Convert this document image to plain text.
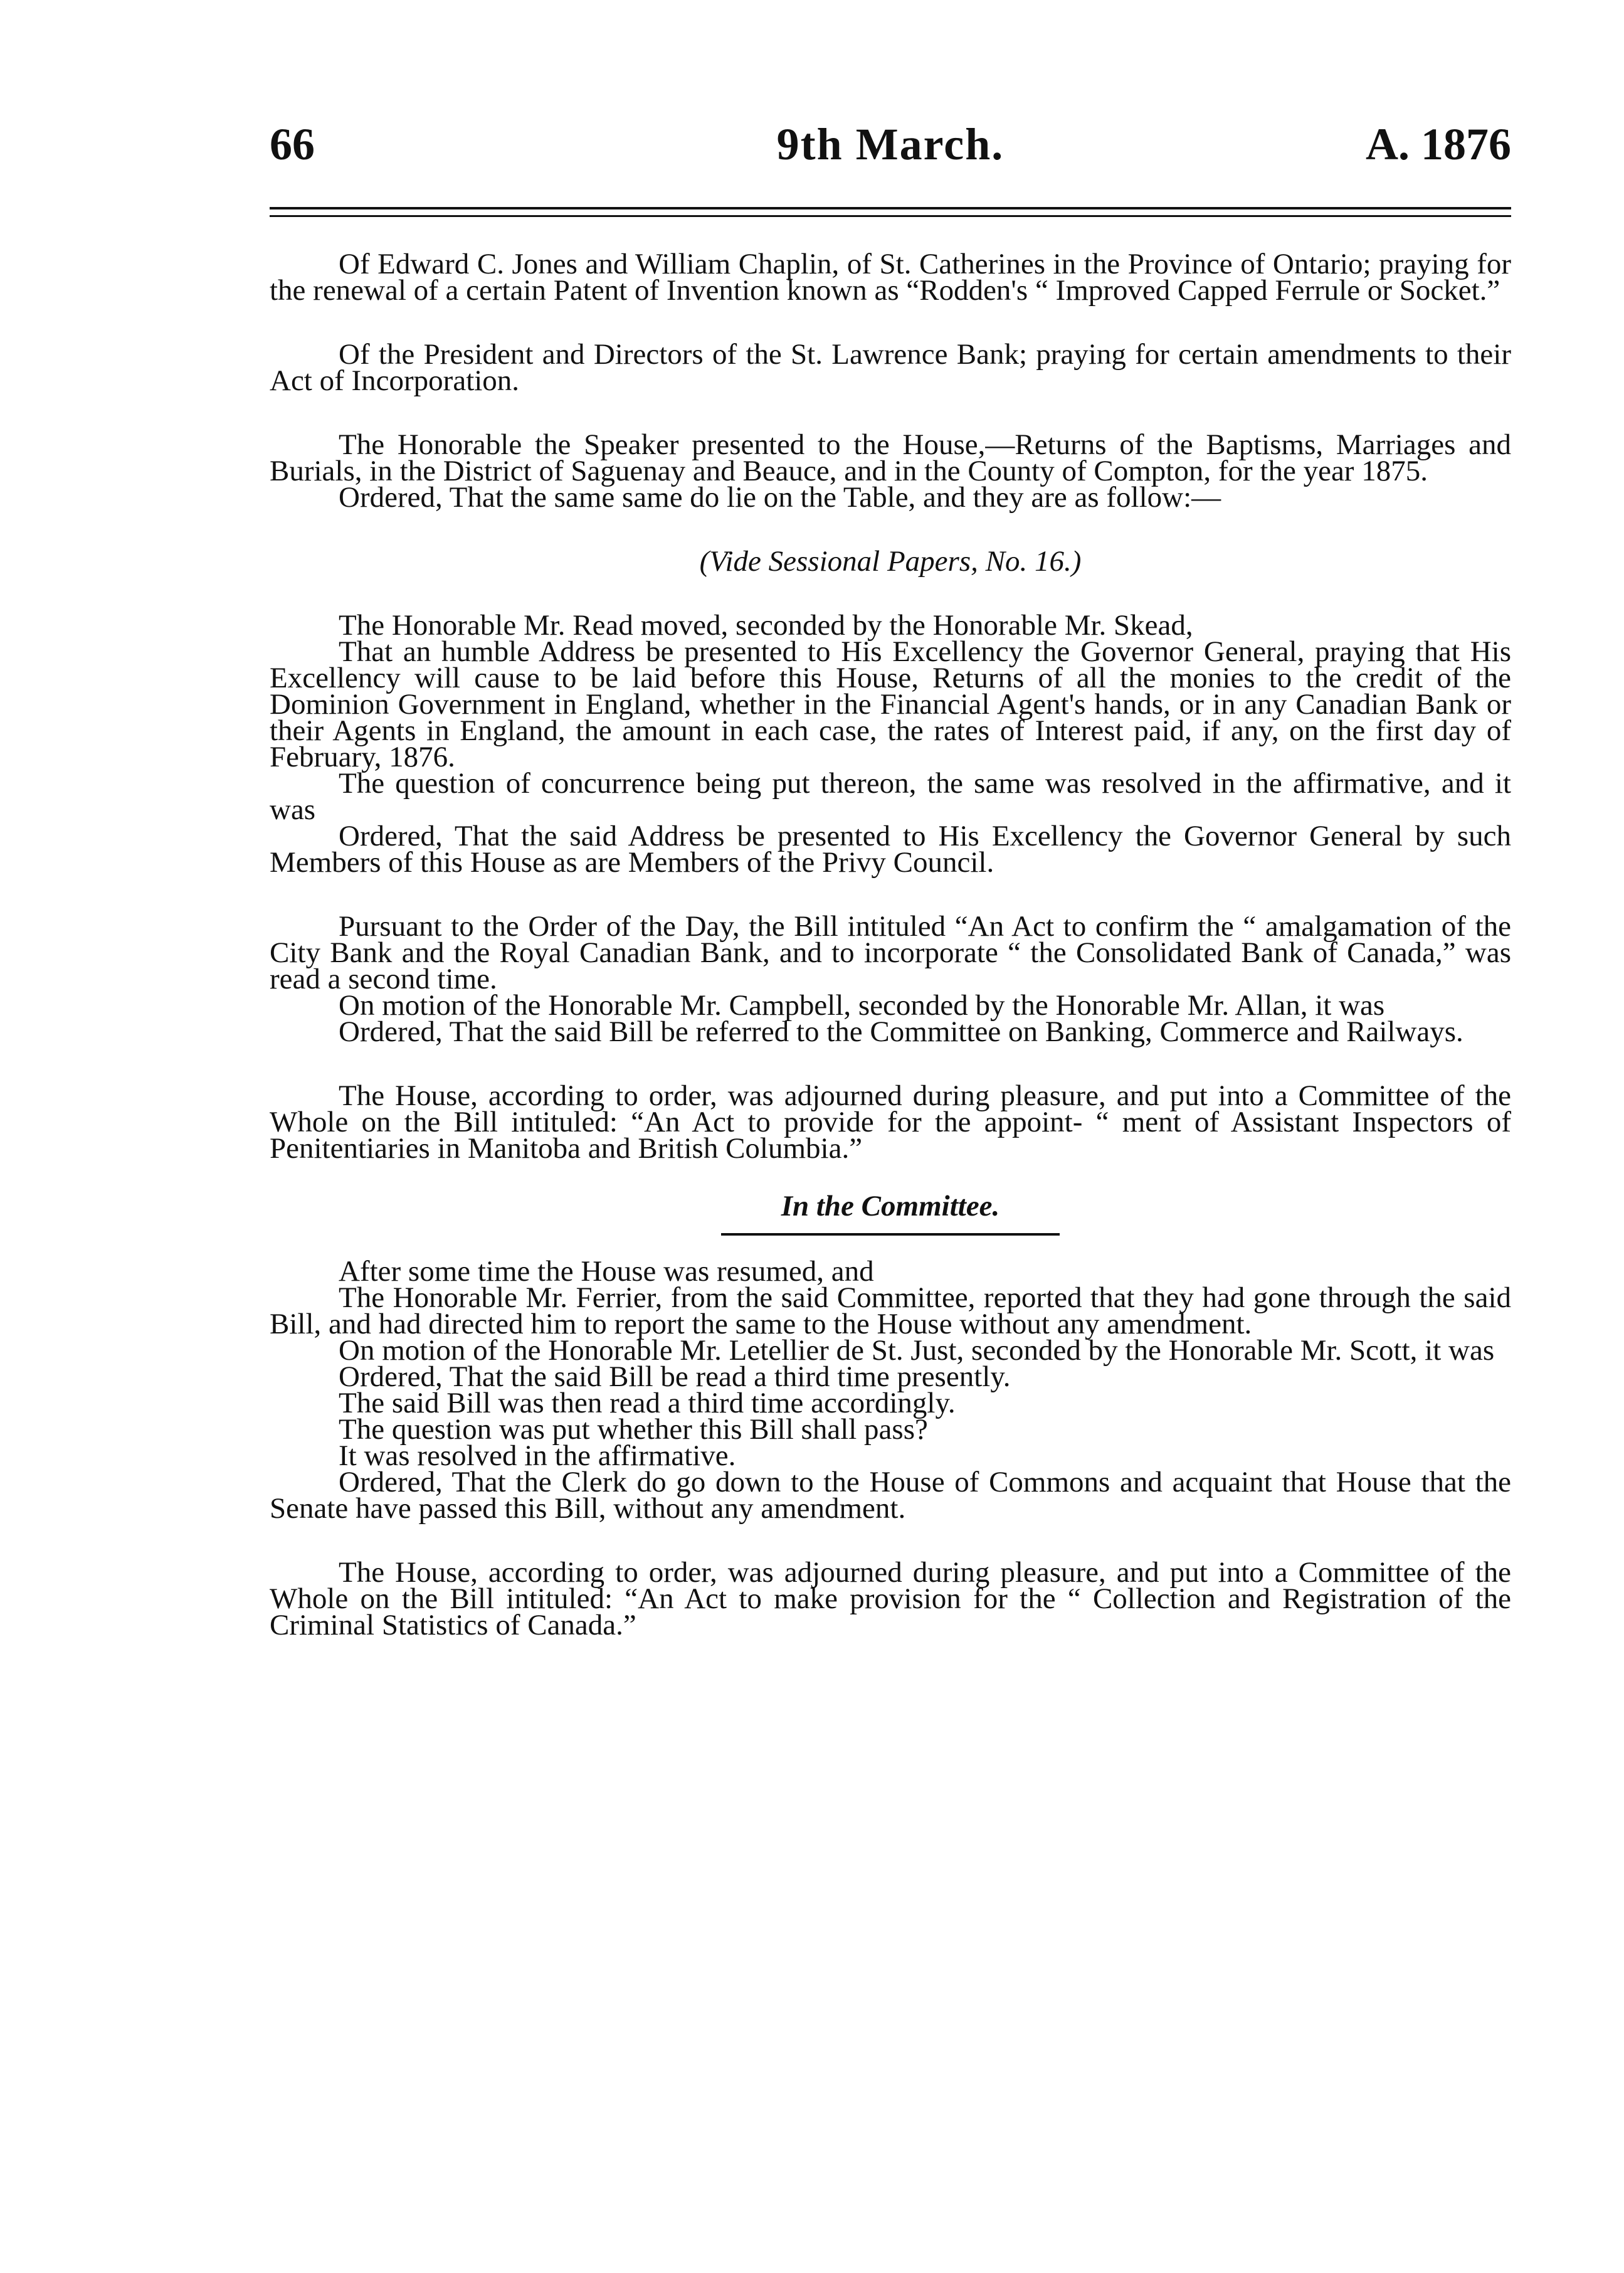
9th March.
66	A. 1876

Of Edward C. Jones and William Chaplin, of St. Catherines in the Province of Ontario; praying for the renewal of a certain Patent of Invention known as “Rodden's “ Improved Capped Ferrule or Socket.”

Of the President and Directors of the St. Lawrence Bank; praying for certain amendments to their Act of Incorporation.

The Honorable the Speaker presented to the House,—Returns of the Baptisms, Marriages and Burials, in the District of Saguenay and Beauce, and in the County of Compton, for the year 1875.

Ordered, That the same same do lie on the Table, and they are as follow:—

(Vide Sessional Papers, No. 16.)

The Honorable Mr. Read moved, seconded by the Honorable Mr. Skead,

That an humble Address be presented to His Excellency the Governor General, praying that His Excellency will cause to be laid before this House, Returns of all the monies to the credit of the Dominion Government in England, whether in the Financial Agent's hands, or in any Canadian Bank or their Agents in England, the amount in each case, the rates of Interest paid, if any, on the first day of February, 1876.

The question of concurrence being put thereon, the same was resolved in the affirmative, and it was

Ordered, That the said Address be presented to His Excellency the Governor General by such Members of this House as are Members of the Privy Council.

Pursuant to the Order of the Day, the Bill intituled “An Act to confirm the “ amalgamation of the City Bank and the Royal Canadian Bank, and to incorporate “ the Consolidated Bank of Canada,” was read a second time.

On motion of the Honorable Mr. Campbell, seconded by the Honorable Mr. Allan, it was

Ordered, That the said Bill be referred to the Committee on Banking, Commerce and Railways.

The House, according to order, was adjourned during pleasure, and put into a Committee of the Whole on the Bill intituled: “An Act to provide for the appoint- “ ment of Assistant Inspectors of Penitentiaries in Manitoba and British Columbia.”

In the Committee.

After some time the House was resumed, and

The Honorable Mr. Ferrier, from the said Committee, reported that they had gone through the said Bill, and had directed him to report the same to the House without any amendment.

On motion of the Honorable Mr. Letellier de St. Just, seconded by the Honorable Mr. Scott, it was

Ordered, That the said Bill be read a third time presently.

The said Bill was then read a third time accordingly.

The question was put whether this Bill shall pass?

It was resolved in the affirmative.

Ordered, That the Clerk do go down to the House of Commons and acquaint that House that the Senate have passed this Bill, without any amendment.

The House, according to order, was adjourned during pleasure, and put into a Committee of the Whole on the Bill intituled: “An Act to make provision for the “ Collection and Registration of the Criminal Statistics of Canada.”
